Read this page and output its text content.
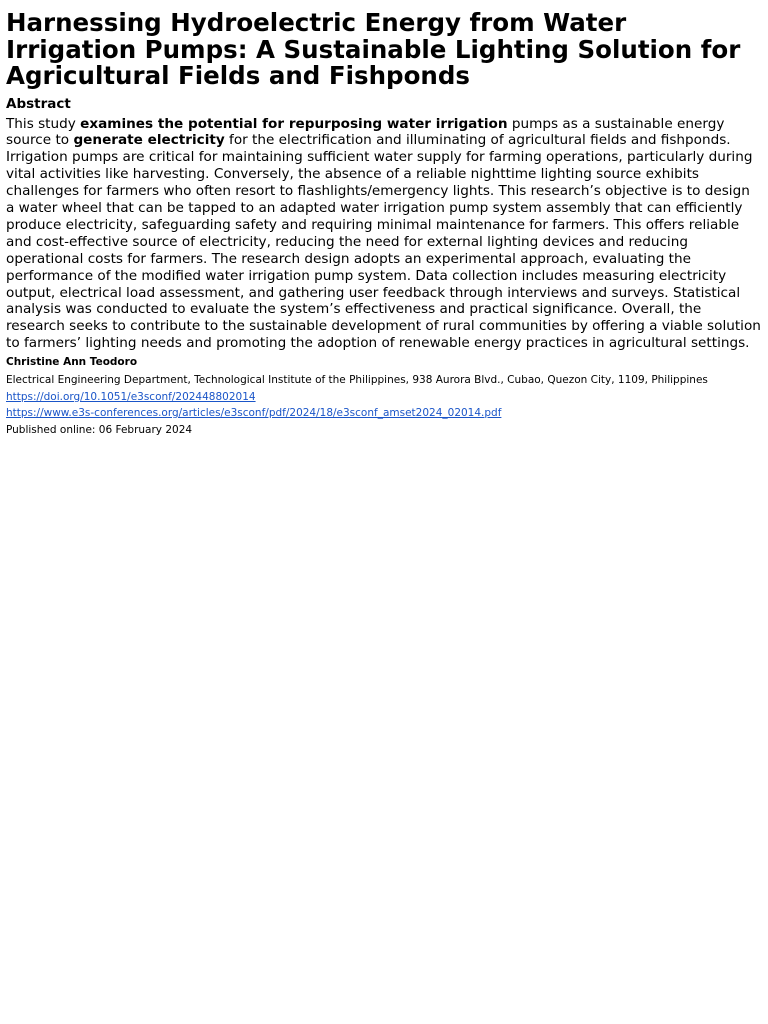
Harnessing Hydroelectric Energy from Water Irrigation Pumps: A Sustainable Lighting Solution for Agricultural Fields and Fishponds
Abstract

This study examines the potential for repurposing water irrigation pumps as a sustainable energy source to generate electricity for the electrification and illuminating of agricultural fields and fishponds. Irrigation pumps are critical for maintaining sufficient water supply for farming operations, particularly during vital activities like harvesting. Conversely, the absence of a reliable nighttime lighting source exhibits challenges for farmers who often resort to flashlights/emergency lights. This research’s objective is to design a water wheel that can be tapped to an adapted water irrigation pump system assembly that can efficiently produce electricity, safeguarding safety and requiring minimal maintenance for farmers. This offers reliable and cost-effective source of electricity, reducing the need for external lighting devices and reducing operational costs for farmers. The research design adopts an experimental approach, evaluating the performance of the modified water irrigation pump system. Data collection includes measuring electricity output, electrical load assessment, and gathering user feedback through interviews and surveys. Statistical analysis was conducted to evaluate the system’s effectiveness and practical significance. Overall, the research seeks to contribute to the sustainable development of rural communities by offering a viable solution to farmers’ lighting needs and promoting the adoption of renewable energy practices in agricultural settings.

Christine Ann Teodoro
Electrical Engineering Department, Technological Institute of the Philippines, 938 Aurora Blvd., Cubao, Quezon City, 1109, Philippines
https://doi.org/10.1051/e3sconf/202448802014
https://www.e3s-conferences.org/articles/e3sconf/pdf/2024/18/e3sconf_amset2024_02014.pdf
Published online: 06 February 2024
